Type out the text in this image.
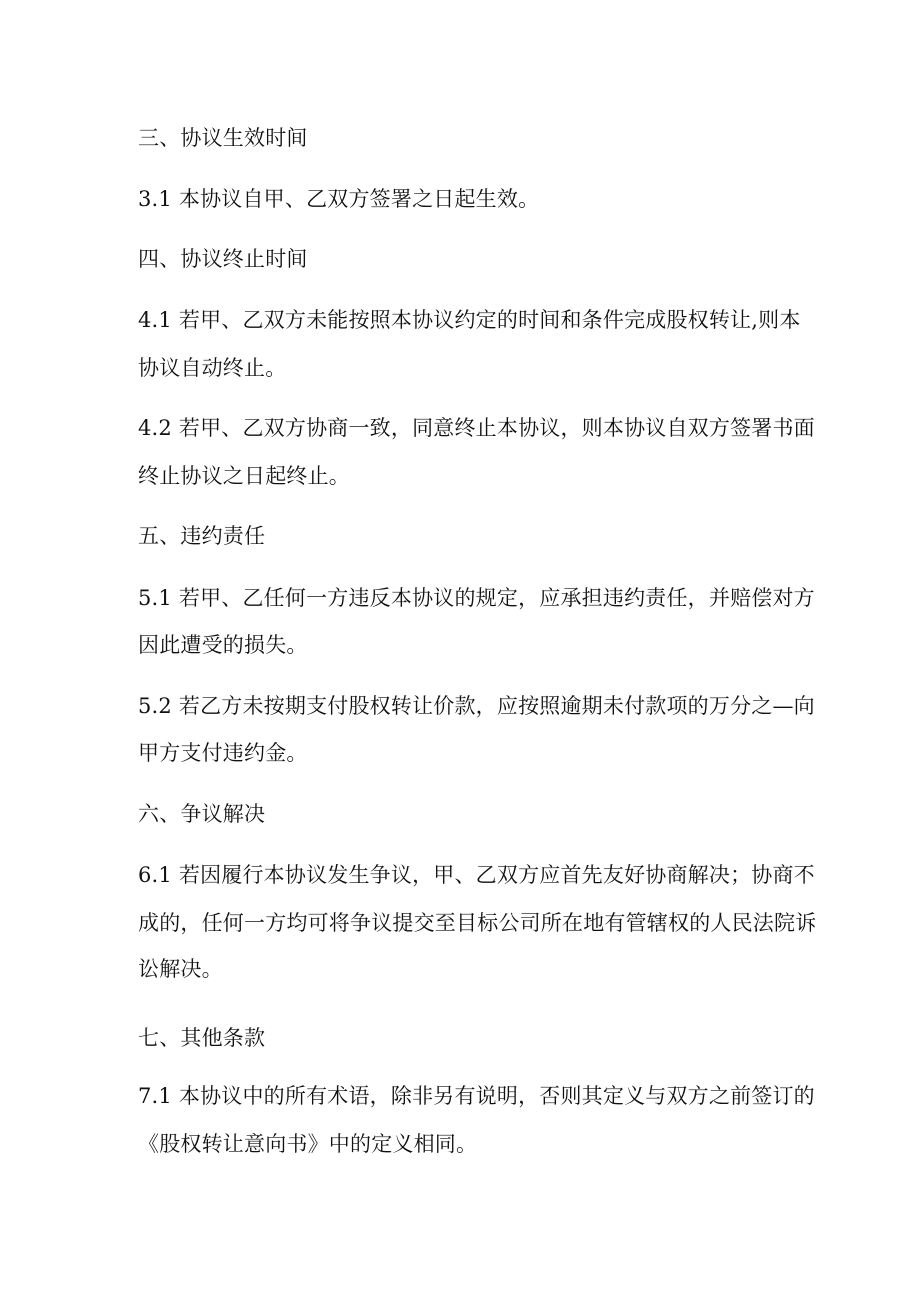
三、协议生效时间
3.1 本协议自甲、乙双方签署之日起生效。
四、协议终止时间
4.1 若甲、乙双方未能按照本协议约定的时间和条件完成股权转让,则本
协议自动终止。
4.2 若甲、乙双方协商一致，同意终止本协议，则本协议自双方签署书面
终止协议之日起终止。
五、违约责任
5.1 若甲、乙任何一方违反本协议的规定，应承担违约责任，并赔偿对方
因此遭受的损失。
5.2 若乙方未按期支付股权转让价款，应按照逾期未付款项的万分之—向
甲方支付违约金。
六、争议解决
6.1 若因履行本协议发生争议，甲、乙双方应首先友好协商解决；协商不
成的，任何一方均可将争议提交至目标公司所在地有管辖权的人民法院诉
讼解决。
七、其他条款
7.1 本协议中的所有术语，除非另有说明，否则其定义与双方之前签订的
《股权转让意向书》中的定义相同。
